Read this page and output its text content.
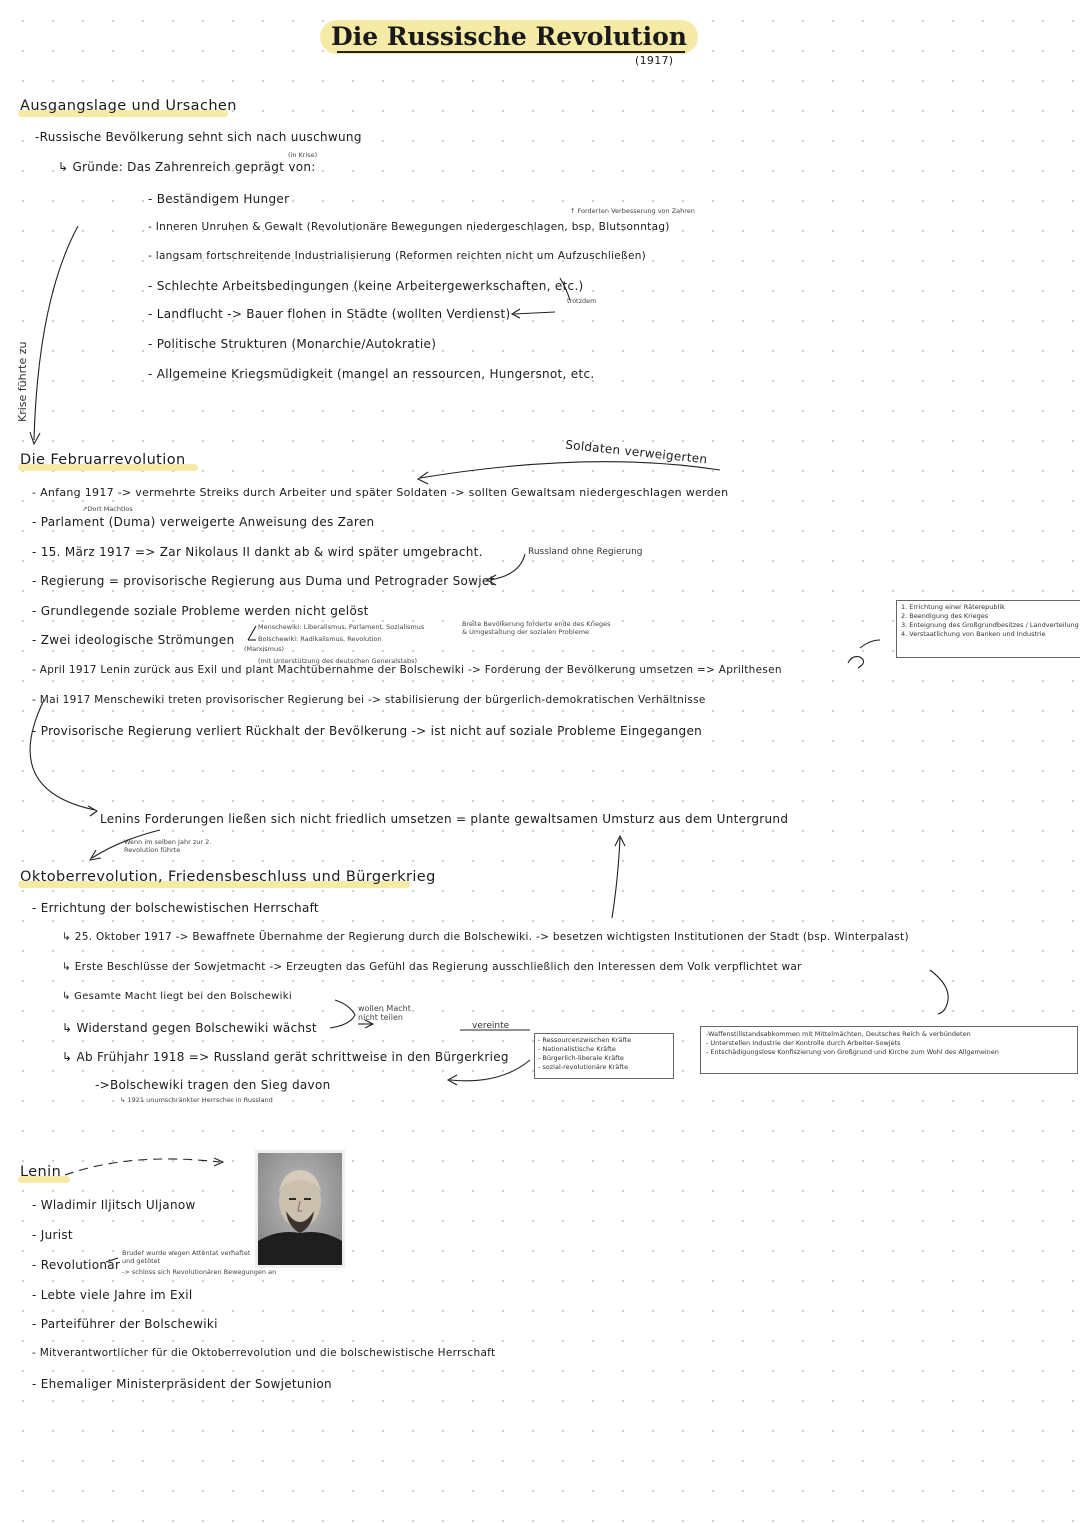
Die Russische Revolution
(1917)
Ausgangslage und Ursachen
-Russische Bevölkerung sehnt sich nach uuschwung
(in Krise)
↳ Gründe: Das Zahrenreich geprägt von:
- Beständigem Hunger
↑ Forderten Verbesserung von Zahren
- Inneren Unruhen & Gewalt (Revolutionäre Bewegungen niedergeschlagen, bsp. Blutsonntag)
- langsam fortschreitende Industrialisierung (Reformen reichten nicht um Aufzuschließen)
- Schlechte Arbeitsbedingungen (keine Arbeitergewerkschaften, etc.)
trotzdem
- Landflucht -> Bauer flohen in Städte (wollten Verdienst)
- Politische Strukturen (Monarchie/Autokratie)
- Allgemeine Kriegsmüdigkeit (mangel an ressourcen, Hungersnot, etc.
Krise führte zu
Die Februarrevolution	Soldaten verweigerten
- Anfang 1917 -> vermehrte Streiks durch Arbeiter und später Soldaten -> sollten Gewaltsam niedergeschlagen werden
↗Dort Machtlos
- Parlament (Duma) verweigerte Anweisung des Zaren
- 15. März 1917 => Zar Nikolaus II dankt ab & wird später umgebracht.	Russland ohne Regierung
- Regierung = provisorische Regierung aus Duma und Petrograder Sowjet
- Grundlegende soziale Probleme werden nicht gelöst
Menschewiki: Liberalismus, Parlament, Sozialismus
Bolschewiki: Radikalismus, Revolution
(Marxismus)
Breite Bevölkerung forderte ende des Krieges & Umgestaltung der sozialen Probleme
- Zwei ideologische Strömungen
(mit Unterstützung des deutschen Generalstabs)
- April 1917 Lenin zurück aus Exil und plant Machtübernahme der Bolschewiki -> Forderung der Bevölkerung umsetzen => Aprilthesen
- Mai 1917 Menschewiki treten provisorischer Regierung bei -> stabilisierung der bürgerlich-demokratischen Verhältnisse
- Provisorische Regierung verliert Rückhalt der Bevölkerung -> ist nicht auf soziale Probleme Eingegangen
1. Errichtung einer Räterepublik
2. Beendigung des Krieges
3. Enteignung des Großgrundbesitzes / Landverteilung
4. Verstaatlichung von Banken und Industrie
Lenins Forderungen ließen sich nicht friedlich umsetzen = plante gewaltsamen Umsturz aus dem Untergrund
Wenn im selben Jahr zur 2. Revolution führte
Oktoberrevolution, Friedensbeschluss und Bürgerkrieg
- Errichtung der bolschewistischen Herrschaft
↳ 25. Oktober 1917 -> Bewaffnete Übernahme der Regierung durch die Bolschewiki. -> besetzen wichtigsten Institutionen der Stadt (bsp. Winterpalast)
↳ Erste Beschlüsse der Sowjetmacht -> Erzeugten das Gefühl das Regierung ausschließlich den Interessen dem Volk verpflichtet war
↳ Gesamte Macht liegt bei den Bolschewiki
wollen Macht nicht teilen
↳ Widerstand gegen Bolschewiki wächst	vereinte
↳ Ab Frühjahr 1918 => Russland gerät schrittweise in den Bürgerkrieg
->Bolschewiki tragen den Sieg davon
↳ 1921 unumschränkter Herrscher in Russland
- Ressourcenzwischen Kräfte
- Nationalistische Kräfte
- Bürgerlich-liberale Kräfte
- sozial-revolutionäre Kräfte
-Waffenstillstandsabkommen mit Mittelmächten, Deutsches Reich & verbündeten
- Unterstellen Industrie der Kontrolle durch Arbeiter-Sowjets
- Entschädigungslose Konfiszierung von Großgrund und Kirche zum Wohl des Allgemeinen
Lenin
- Wladimir Iljitsch Uljanow
- Jurist
- Revolutionär
Bruder wurde wegen Attentat verhaftet und getötet
-> schloss sich Revolutionären Bewegungen an
- Lebte viele Jahre im Exil
- Parteiführer der Bolschewiki
- Mitverantwortlicher für die Oktoberrevolution und die bolschewistische Herrschaft
- Ehemaliger Ministerpräsident der Sowjetunion
